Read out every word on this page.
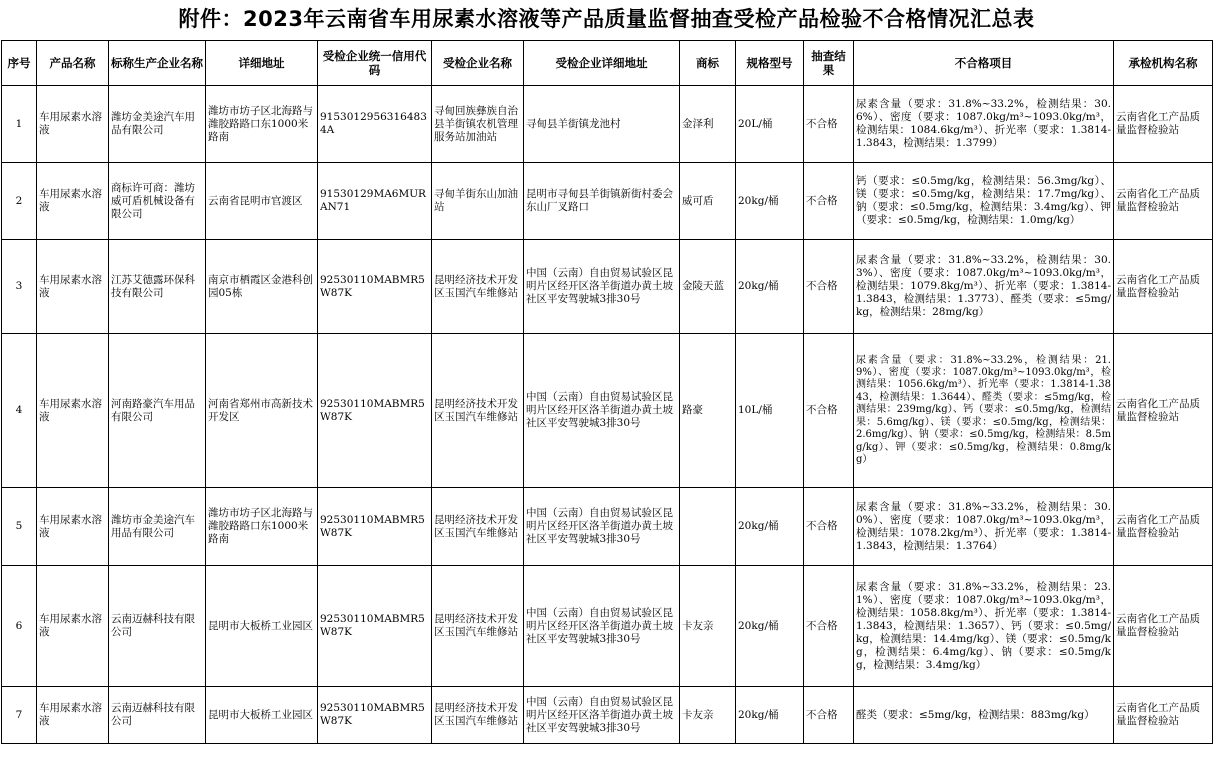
附件：2023年云南省车用尿素水溶液等产品质量监督抽查受检产品检验不合格情况汇总表
序号	产品名称	标称生产企业名称	详细地址	受检企业统一信用代码	受检企业名称	受检企业详细地址	商标	规格型号	抽查结果	不合格项目	承检机构名称
1	车用尿素水溶液	潍坊金美途汽车用品有限公司	潍坊市坊子区北海路与潍胶路路口东1000米路南	91530129563164834A	寻甸回族彝族自治县羊街镇农机管理服务站加油站	寻甸县羊街镇龙池村	金泽利	20L/桶	不合格	尿素含量（要求：31.8%~33.2%，检测结果：30.6%）、密度（要求：1087.0kg/m³~1093.0kg/m³，检测结果：1084.6kg/m³）、折光率（要求：1.3814-1.3843，检测结果：1.3799）	云南省化工产品质量监督检验站
2	车用尿素水溶液	商标许可商：潍坊威可盾机械设备有限公司	云南省昆明市官渡区	91530129MA6MURAN71	寻甸羊街东山加油站	昆明市寻甸县羊街镇新街村委会东山厂叉路口	威可盾	20kg/桶	不合格	钙（要求：≤0.5mg/kg，检测结果：56.3mg/kg）、镁（要求：≤0.5mg/kg，检测结果：17.7mg/kg）、钠（要求：≤0.5mg/kg，检测结果：3.4mg/kg）、钾（要求：≤0.5mg/kg，检测结果：1.0mg/kg）	云南省化工产品质量监督检验站
3	车用尿素水溶液	江苏艾德露环保科技有限公司	南京市栖霞区金港科创园05栋	92530110MABMR5W87K	昆明经济技术开发区玉国汽车维修站	中国（云南）自由贸易试验区昆明片区经开区洛羊街道办黄土坡社区平安驾驶城3排30号	金陵天蓝	20kg/桶	不合格	尿素含量（要求：31.8%~33.2%，检测结果：30.3%）、密度（要求：1087.0kg/m³~1093.0kg/m³，检测结果：1079.8kg/m³）、折光率（要求：1.3814-1.3843，检测结果：1.3773）、醛类（要求：≤5mg/kg，检测结果：28mg/kg）	云南省化工产品质量监督检验站
4	车用尿素水溶液	河南路豪汽车用品有限公司	河南省郑州市高新技术开发区	92530110MABMR5W87K	昆明经济技术开发区玉国汽车维修站	中国（云南）自由贸易试验区昆明片区经开区洛羊街道办黄土坡社区平安驾驶城3排30号	路豪	10L/桶	不合格	尿素含量（要求：31.8%~33.2%，检测结果：21.9%）、密度（要求：1087.0kg/m³~1093.0kg/m³，检测结果：1056.6kg/m³）、折光率（要求：1.3814-1.3843，检测结果：1.3644）、醛类（要求：≤5mg/kg，检测结果：239mg/kg）、钙（要求：≤0.5mg/kg，检测结果：5.6mg/kg）、镁（要求：≤0.5mg/kg，检测结果：2.6mg/kg）、钠（要求：≤0.5mg/kg，检测结果：8.5mg/kg）、钾（要求：≤0.5mg/kg，检测结果：0.8mg/kg）	云南省化工产品质量监督检验站
5	车用尿素水溶液	潍坊市金美途汽车用品有限公司	潍坊市坊子区北海路与潍胶路路口东1000米路南	92530110MABMR5W87K	昆明经济技术开发区玉国汽车维修站	中国（云南）自由贸易试验区昆明片区经开区洛羊街道办黄土坡社区平安驾驶城3排30号		20kg/桶	不合格	尿素含量（要求：31.8%~33.2%，检测结果：30.0%）、密度（要求：1087.0kg/m³~1093.0kg/m³，检测结果：1078.2kg/m³）、折光率（要求：1.3814-1.3843，检测结果：1.3764）	云南省化工产品质量监督检验站
6	车用尿素水溶液	云南迈赫科技有限公司	昆明市大板桥工业园区	92530110MABMR5W87K	昆明经济技术开发区玉国汽车维修站	中国（云南）自由贸易试验区昆明片区经开区洛羊街道办黄土坡社区平安驾驶城3排30号	卡友亲	20kg/桶	不合格	尿素含量（要求：31.8%~33.2%，检测结果：23.1%）、密度（要求：1087.0kg/m³~1093.0kg/m³，检测结果：1058.8kg/m³）、折光率（要求：1.3814-1.3843，检测结果：1.3657）、钙（要求：≤0.5mg/kg，检测结果：14.4mg/kg）、镁（要求：≤0.5mg/kg，检测结果：6.4mg/kg）、钠（要求：≤0.5mg/kg，检测结果：3.4mg/kg）	云南省化工产品质量监督检验站
7	车用尿素水溶液	云南迈赫科技有限公司	昆明市大板桥工业园区	92530110MABMR5W87K	昆明经济技术开发区玉国汽车维修站	中国（云南）自由贸易试验区昆明片区经开区洛羊街道办黄土坡社区平安驾驶城3排30号	卡友亲	20kg/桶	不合格	醛类（要求：≤5mg/kg，检测结果：883mg/kg）	云南省化工产品质量监督检验站
